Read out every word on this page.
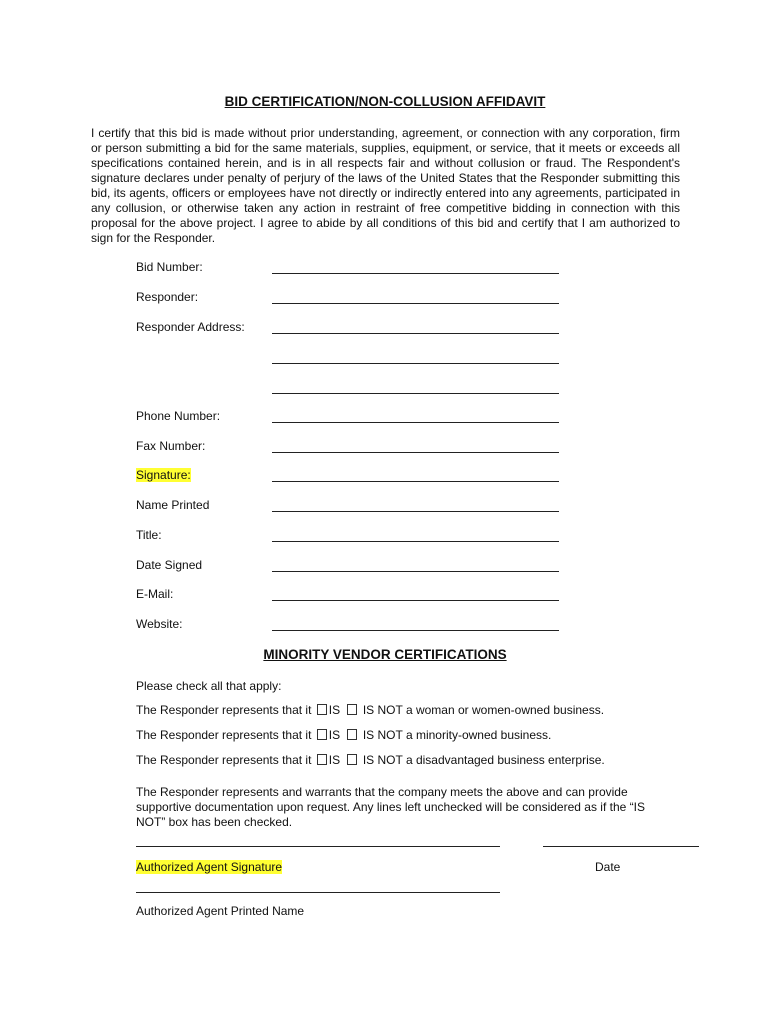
BID CERTIFICATION/NON-COLLUSION AFFIDAVIT
I certify that this bid is made without prior understanding, agreement, or connection with any corporation, firm or person submitting a bid for the same materials, supplies, equipment, or service, that it meets or exceeds all specifications contained herein, and is in all respects fair and without collusion or fraud. The Respondent's signature declares under penalty of perjury of the laws of the United States that the Responder submitting this bid, its agents, officers or employees have not directly or indirectly entered into any agreements, participated in any collusion, or otherwise taken any action in restraint of free competitive bidding in connection with this proposal for the above project. I agree to abide by all conditions of this bid and certify that I am authorized to sign for the Responder.
Bid Number:
Responder:
Responder Address:
Phone Number:
Fax Number:
Signature:
Name Printed
Title:
Date Signed
E-Mail:
Website:
MINORITY VENDOR CERTIFICATIONS
Please check all that apply:
The Responder represents that it IS IS NOT a woman or women-owned business.
The Responder represents that it IS IS NOT a minority-owned business.
The Responder represents that it IS IS NOT a disadvantaged business enterprise.
The Responder represents and warrants that the company meets the above and can provide supportive documentation upon request. Any lines left unchecked will be considered as if the “IS NOT” box has been checked.
Authorized Agent Signature	Date
Authorized Agent Printed Name
